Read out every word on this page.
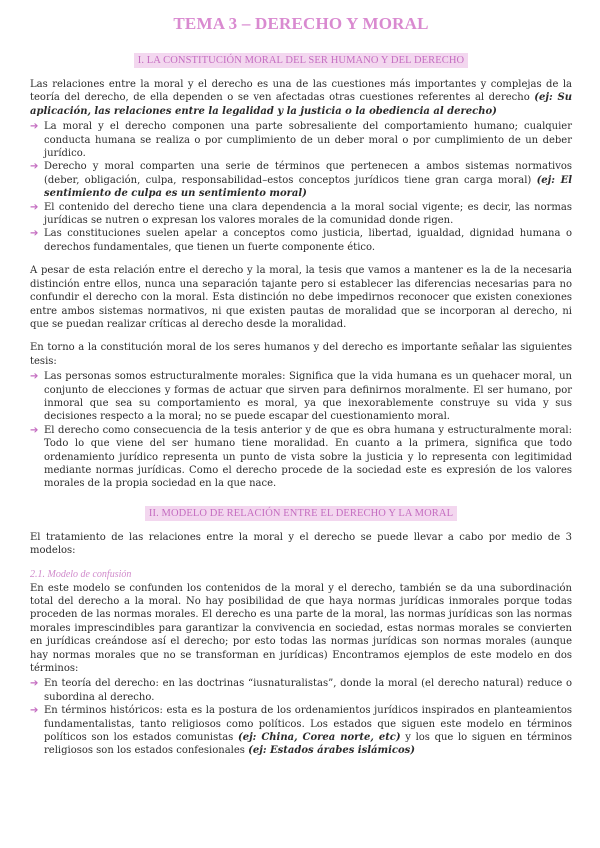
TEMA 3 – DERECHO Y MORAL
I. LA CONSTITUCIÓN MORAL DEL SER HUMANO Y DEL DERECHO

Las relaciones entre la moral y el derecho es una de las cuestiones más importantes y complejas de la teoría del derecho, de ella dependen o se ven afectadas otras cuestiones referentes al derecho (ej: Su aplicación, las relaciones entre la legalidad y la justicia o la obediencia al derecho)

➔ La moral y el derecho componen una parte sobresaliente del comportamiento humano; cualquier conducta humana se realiza o por cumplimiento de un deber moral o por cumplimiento de un deber jurídico.
➔ Derecho y moral comparten una serie de términos que pertenecen a ambos sistemas normativos (deber, obligación, culpa, responsabilidad–estos conceptos jurídicos tiene gran carga moral) (ej: El sentimiento de culpa es un sentimiento moral)
➔ El contenido del derecho tiene una clara dependencia a la moral social vigente; es decir, las normas jurídicas se nutren o expresan los valores morales de la comunidad donde rigen.
➔ Las constituciones suelen apelar a conceptos como justicia, libertad, igualdad, dignidad humana o derechos fundamentales, que tienen un fuerte componente ético.

A pesar de esta relación entre el derecho y la moral, la tesis que vamos a mantener es la de la necesaria distinción entre ellos, nunca una separación tajante pero si establecer las diferencias necesarias para no confundir el derecho con la moral. Esta distinción no debe impedirnos reconocer que existen conexiones entre ambos sistemas normativos, ni que existen pautas de moralidad que se incorporan al derecho, ni que se puedan realizar críticas al derecho desde la moralidad.

En torno a la constitución moral de los seres humanos y del derecho es importante señalar las siguientes tesis:

➔ Las personas somos estructuralmente morales: Significa que la vida humana es un quehacer moral, un conjunto de elecciones y formas de actuar que sirven para definirnos moralmente. El ser humano, por inmoral que sea su comportamiento es moral, ya que inexorablemente construye su vida y sus decisiones respecto a la moral; no se puede escapar del cuestionamiento moral.
➔ El derecho como consecuencia de la tesis anterior y de que es obra humana y estructuralmente moral: Todo lo que viene del ser humano tiene moralidad. En cuanto a la primera, significa que todo ordenamiento jurídico representa un punto de vista sobre la justicia y lo representa con legitimidad mediante normas jurídicas. Como el derecho procede de la sociedad este es expresión de los valores morales de la propia sociedad en la que nace.
II. MODELO DE RELACIÓN ENTRE EL DERECHO Y LA MORAL

El tratamiento de las relaciones entre la moral y el derecho se puede llevar a cabo por medio de 3 modelos:

2.1. Modelo de confusión

En este modelo se confunden los contenidos de la moral y el derecho, también se da una subordinación total del derecho a la moral. No hay posibilidad de que haya normas jurídicas inmorales porque todas proceden de las normas morales. El derecho es una parte de la moral, las normas jurídicas son las normas morales imprescindibles para garantizar la convivencia en sociedad, estas normas morales se convierten en jurídicas creándose así el derecho; por esto todas las normas jurídicas son normas morales (aunque hay normas morales que no se transforman en jurídicas) Encontramos ejemplos de este modelo en dos términos:

➔ En teoría del derecho: en las doctrinas “iusnaturalistas”, donde la moral (el derecho natural) reduce o subordina al derecho.
➔ En términos históricos: esta es la postura de los ordenamientos jurídicos inspirados en planteamientos fundamentalistas, tanto religiosos como políticos. Los estados que siguen este modelo en términos políticos son los estados comunistas (ej: China, Corea norte, etc) y los que lo siguen en términos religiosos son los estados confesionales (ej: Estados árabes islámicos)
